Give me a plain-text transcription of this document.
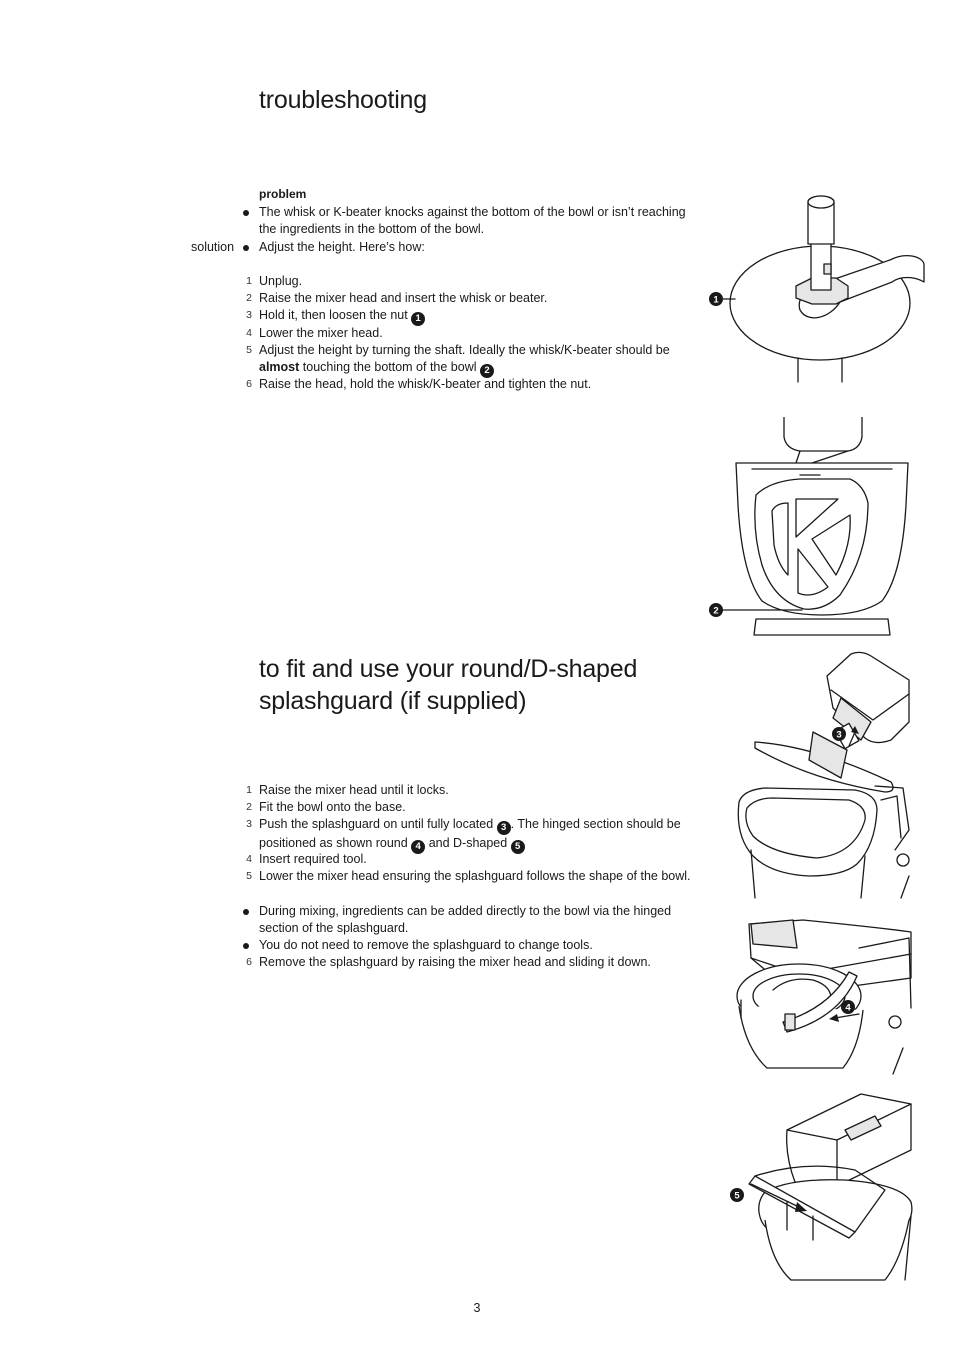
troubleshooting
problem
The whisk or K-beater knocks against the bottom of the bowl or isn’t reaching the ingredients in the bottom of the bowl.
solution Adjust the height. Here’s how:
1 Unplug.
2 Raise the mixer head and insert the whisk or beater.
3 Hold it, then loosen the nut 1
4 Lower the mixer head.
5 Adjust the height by turning the shaft. Ideally the whisk/K-beater should be almost touching the bottom of the bowl 2
6 Raise the head, hold the whisk/K-beater and tighten the nut.
to fit and use your round/D-shaped
splashguard (if supplied)
1 Raise the mixer head until it locks.
2 Fit the bowl onto the base.
3 Push the splashguard on until fully located 3 . The hinged section should be positioned as shown round 4 and D-shaped 5
4 Insert required tool.
5 Lower the mixer head ensuring the splashguard follows the shape of the bowl.
During mixing, ingredients can be added directly to the bowl via the hinged section of the splashguard.
You do not need to remove the splashguard to change tools.
6 Remove the splashguard by raising the mixer head and sliding it down.
1
2
3
4
5
3
